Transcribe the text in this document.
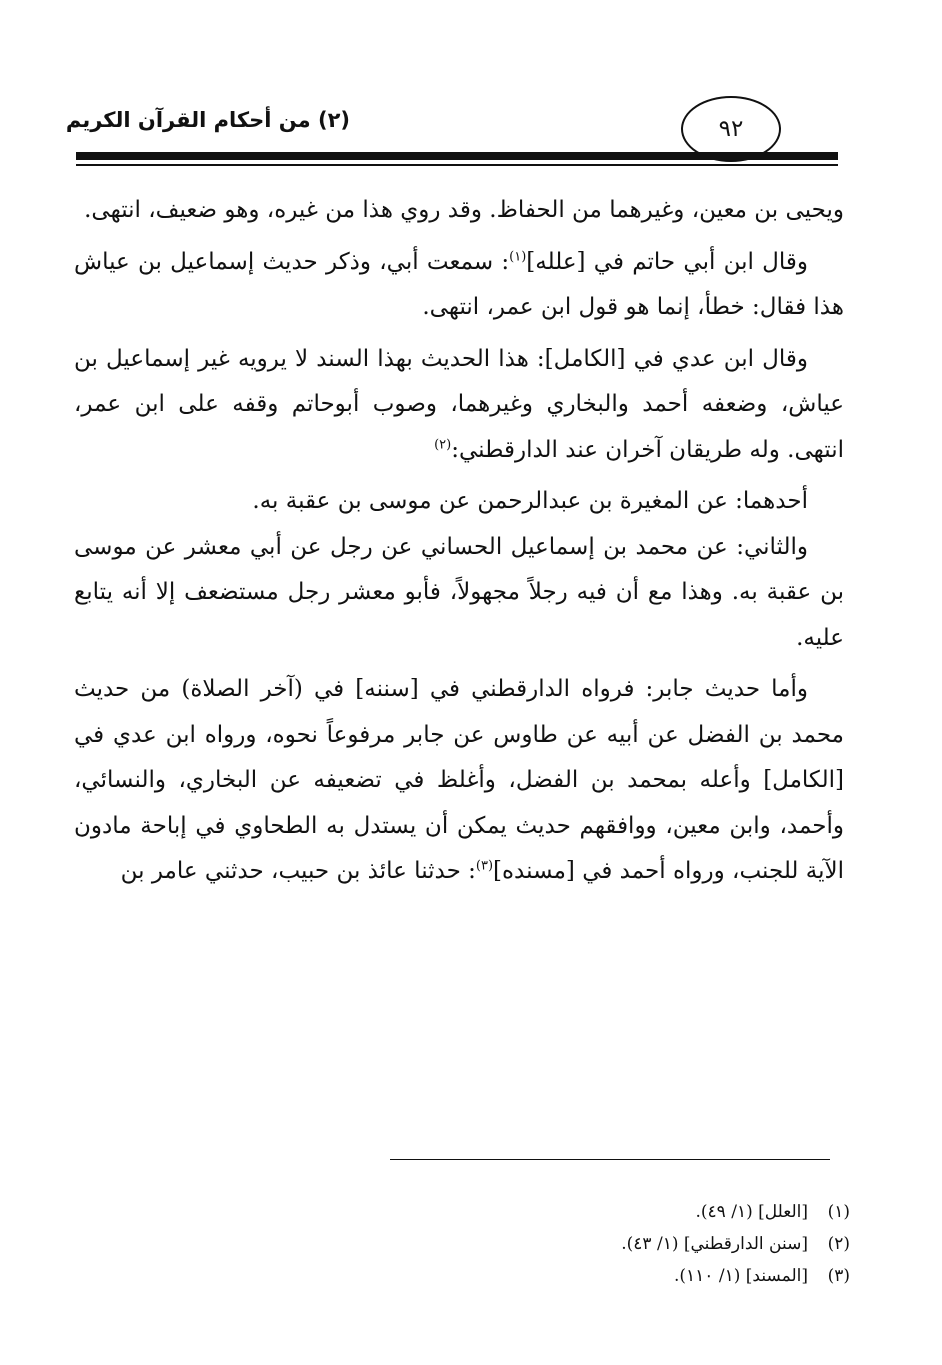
(٢) من أحكام القرآن الكريم	٩٢

ويحيى بن معين، وغيرهما من الحفاظ. وقد روي هذا من غيره، وهو ضعيف، انتهى.

وقال ابن أبي حاتم في [علله]$^{(١)}$: سمعت أبي، وذكر حديث إسماعيل بن عياش هذا فقال: خطأ، إنما هو قول ابن عمر، انتهى.

وقال ابن عدي في [الكامل]: هذا الحديث بهذا السند لا يرويه غير إسماعيل بن عياش، وضعفه أحمد والبخاري وغيرهما، وصوب أبوحاتم وقفه على ابن عمر، انتهى. وله طريقان آخران عند الدارقطني:$^{(٢)}$

أحدهما: عن المغيرة بن عبدالرحمن عن موسى بن عقبة به.

والثاني: عن محمد بن إسماعيل الحساني عن رجل عن أبي معشر عن موسى بن عقبة به. وهذا مع أن فيه رجلاً مجهولاً، فأبو معشر رجل مستضعف إلا أنه يتابع عليه.

وأما حديث جابر: فرواه الدارقطني في [سننه] في (آخر الصلاة) من حديث محمد بن الفضل عن أبيه عن طاوس عن جابر مرفوعاً نحوه، ورواه ابن عدي في [الكامل] وأعله بمحمد بن الفضل، وأغلظ في تضعيفه عن البخاري، والنسائي، وأحمد، وابن معين، ووافقهم حديث يمكن أن يستدل به الطحاوي في إباحة مادون الآية للجنب، ورواه أحمد في [مسنده]$^{(٣)}$: حدثنا عائذ بن حبيب، حدثني عامر بن

(١)
[العلل] (١/ ٤٩).
(٢)
[سنن الدارقطني] (١/ ٤٣).
(٣)
[المسند] (١/ ١١٠).
